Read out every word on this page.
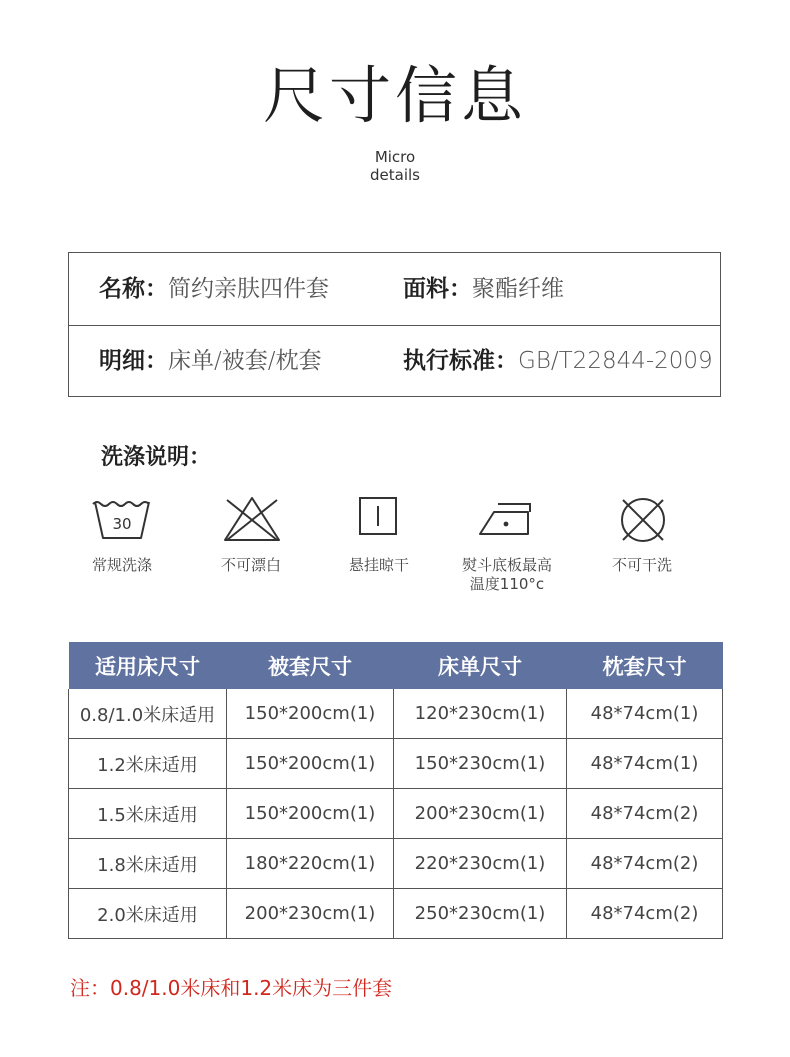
尺寸信息
Micro
details
名称：简约亲肤四件套	面料：聚酯纤维
明细：床单/被套/枕套	执行标准：GB/T22844-2009
洗涤说明：
30
常规洗涤	不可漂白	悬挂晾干	熨斗底板最高
温度110°c
不可干洗
适用床尺寸	被套尺寸	床单尺寸	枕套尺寸
0.8/1.0米床适用	150*200cm(1)	120*230cm(1)	48*74cm(1)
1.2米床适用	150*200cm(1)	150*230cm(1)	48*74cm(1)
1.5米床适用	150*200cm(1)	200*230cm(1)	48*74cm(2)
1.8米床适用	180*220cm(1)	220*230cm(1)	48*74cm(2)
2.0米床适用	200*230cm(1)	250*230cm(1)	48*74cm(2)
注：0.8/1.0米床和1.2米床为三件套
